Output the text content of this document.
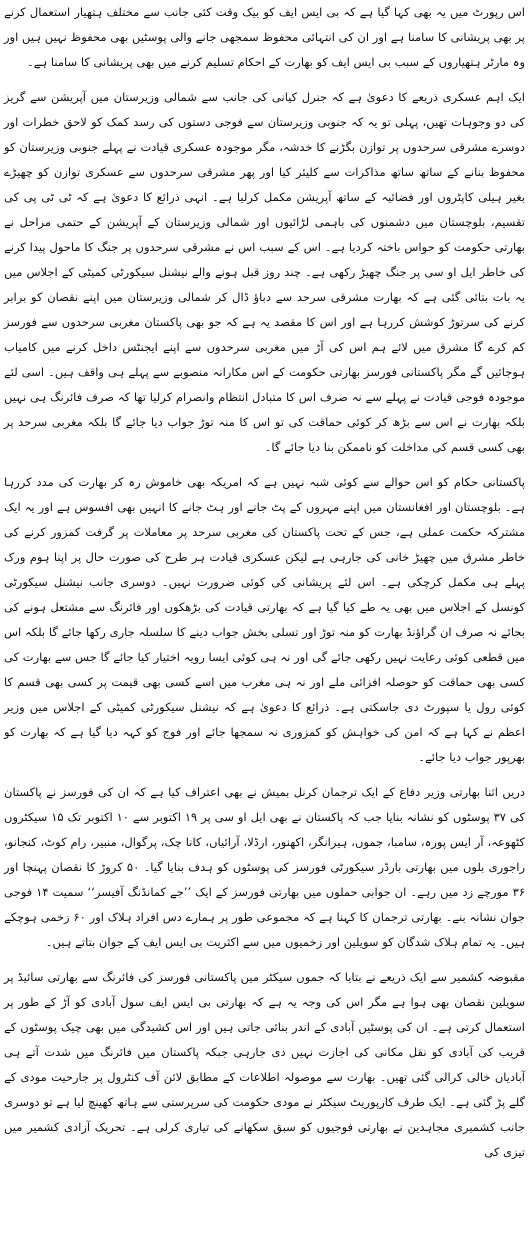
اس رپورٹ میں یہ بھی کہا گیا ہے کہ بی ایس ایف کو بیک وقت کئی جانب سے مختلف ہتھیار استعمال کرنے پر بھی پریشانی کا سامنا ہے اور ان کی انتہائی محفوظ سمجھی جانے والی پوسٹیں بھی محفوظ نہیں ہیں اور وہ مارٹر ہتھیاروں کے سبب بی ایس ایف کو بھارت کے احکام تسلیم کرنے میں بھی پریشانی کا سامنا ہے۔

ایک اہم عسکری ذریعے کا دعویٰ ہے کہ جنرل کیانی کی جانب سے شمالی وزیرستان میں آپریشن سے گریز کی دو وجوہات تھیں، پہلی تو یہ کہ جنوبی وزیرستان سے فوجی دستوں کی رسد کمک کو لاحق خطرات اور دوسرے مشرقی سرحدوں پر توازن بگڑنے کا خدشہ، مگر موجودہ عسکری قیادت نے پہلے جنوبی وزیرستان کو محفوظ بنانے کے ساتھ ساتھ مذاکرات سے کلیئر کیا اور پھر مشرقی سرحدوں سے عسکری توازن کو چھیڑے بغیر ہیلی کاپٹروں اور فضائیہ کے ساتھ آپریشن مکمل کرلیا ہے۔ انہی ذرائع کا دعویٰ ہے کہ ٹی ٹی پی کی تقسیم، بلوچستان میں دشمنوں کی باہمی لڑائیوں اور شمالی وزیرستان کے آپریشن کے حتمی مراحل نے بھارتی حکومت کو حواس باختہ کردیا ہے۔ اس کے سبب اس نے مشرقی سرحدوں پر جنگ کا ماحول پیدا کرنے کی خاطر ایل او سی پر جنگ چھیڑ رکھی ہے۔ چند روز قبل ہونے والے نیشنل سیکورٹی کمیٹی کے اجلاس میں یہ بات بتائی گئی ہے کہ بھارت مشرقی سرحد سے دباؤ ڈال کر شمالی وزیرستان میں اپنے نقصان کو برابر کرنے کی سرتوڑ کوشش کررہا ہے اور اس کا مقصد یہ ہے کہ جو بھی پاکستان مغربی سرحدوں سے فورسز کم کرے گا مشرق میں لائے ہم اس کی آڑ میں مغربی سرحدوں سے اپنے ایجنٹس داخل کرنے میں کامیاب ہوجائیں گے مگر پاکستانی فورسز بھارتی حکومت کے اس مکارانہ منصوبے سے پہلے ہی واقف ہیں۔ اسی لئے موجودہ فوجی قیادت نے پہلے سے نہ صرف اس کا متبادل انتظام وانصرام کرلیا تھا کہ صرف فائرنگ ہی نہیں بلکہ بھارت نے اس سے بڑھ کر کوئی حماقت کی تو اس کا منہ توڑ جواب دیا جائے گا بلکہ مغربی سرحد پر بھی کسی قسم کی مداخلت کو ناممکن بنا دیا جائے گا۔

پاکستانی حکام کو اس حوالے سے کوئی شبہ نہیں ہے کہ امریکہ بھی خاموش رہ کر بھارت کی مدد کررہا ہے۔ بلوچستان اور افغانستان میں اپنے مہروں کے پٹ جانے اور ہٹ جانے کا انہیں بھی افسوس ہے اور یہ ایک مشترکہ حکمت عملی ہے، جس کے تحت پاکستان کی مغربی سرحد پر معاملات پر گرفت کمزور کرنے کی خاطر مشرق میں چھیڑ خانی کی جارہی ہے لیکن عسکری قیادت ہر طرح کی صورت حال پر اپنا ہوم ورک پہلے ہی مکمل کرچکی ہے۔ اس لئے پریشانی کی کوئی ضرورت نہیں۔ دوسری جانب نیشنل سیکورٹی کونسل کے اجلاس میں بھی یہ طے کیا گیا ہے کہ بھارتی قیادت کی بڑھکوں اور فائرنگ سے مشتعل ہونے کی بجائے نہ صرف ان گراؤنڈ بھارت کو منہ توڑ اور تسلی بخش جواب دینے کا سلسلہ جاری رکھا جائے گا بلکہ اس میں قطعی کوئی رعایت نہیں رکھی جائے گی اور نہ ہی کوئی ایسا رویہ اختیار کیا جائے گا جس سے بھارت کی کسی بھی حماقت کو حوصلہ افزائی ملے اور نہ ہی مغرب میں اسے کسی بھی قیمت پر کسی بھی قسم کا کوئی رول یا سپورٹ دی جاسکتی ہے۔ ذرائع کا دعویٰ ہے کہ نیشنل سیکورٹی کمیٹی کے اجلاس میں وزیر اعظم نے کہا ہے کہ امن کی خواہش کو کمزوری نہ سمجھا جائے اور فوج کو کہہ دیا گیا ہے کہ بھارت کو بھرپور جواب دیا جائے۔

دریں اثنا بھارتی وزیر دفاع کے ایک ترجمان کرنل بمیش نے بھی اعتراف کیا ہے کہ ان کی فورسز نے پاکستان کی ۳۷ پوسٹوں کو نشانہ بنایا جب کہ پاکستان نے بھی ایل او سی پر ۱۹ اکتوبر سے ۱۰ اکتوبر تک ۱۵ سیکٹروں کٹھوعہ، آر ایس پورہ، سامبا، جموں، ہیرانگر، اکھنور، ارڈلا، آرائیاں، کانا چک، پرگوال، منبیر، رام کوٹ، کنجانو، راجوری بلوں میں بھارتی بارڈر سیکورٹی فورسز کی پوسٹوں کو ہدف بنایا گیا۔ ۵۰ کروڑ کا نقصان پہنچا اور ۳۶ مورچے زد میں رہے۔ ان جوابی حملوں میں بھارتی فورسز کے ایک ’’جے کمانڈنگ آفیسر‘‘ سمیت ۱۴ فوجی جوان نشانہ بنے۔ بھارتی ترجمان کا کہنا ہے کہ مجموعی طور پر ہمارے دس افراد ہلاک اور ۶۰ زخمی ہوچکے ہیں۔ یہ تمام ہلاک شدگان کو سویلین اور زخمیوں میں سے اکثریت بی ایس ایف کے جوان بتاتے ہیں۔

مقبوضہ کشمیر سے ایک ذریعے نے بتایا کہ جموں سیکٹر میں پاکستانی فورسز کی فائرنگ سے بھارتی سائیڈ پر سویلین نقصان بھی ہوا ہے مگر اس کی وجہ یہ ہے کہ بھارتی بی ایس ایف سول آبادی کو آڑ کے طور پر استعمال کرتی ہے۔ ان کی پوسٹیں آبادی کے اندر بنائی جاتی ہیں اور اس کشیدگی میں بھی چیک پوسٹوں کے قریب کی آبادی کو نقل مکانی کی اجازت نہیں دی جارہی جبکہ پاکستان میں فائرنگ میں شدت آتے ہی آبادیاں خالی کرالی گئی تھیں۔ بھارت سے موصولہ اطلاعات کے مطابق لائن آف کنٹرول پر جارحیت مودی کے گلے پڑ گئی ہے۔ ایک طرف کارپوریٹ سیکٹر نے مودی حکومت کی سرپرستی سے ہاتھ کھینچ لیا ہے تو دوسری جانب کشمیری مجاہدین نے بھارتی فوجیوں کو سبق سکھانے کی تیاری کرلی ہے۔ تحریک آزادی کشمیر میں تیزی کی
